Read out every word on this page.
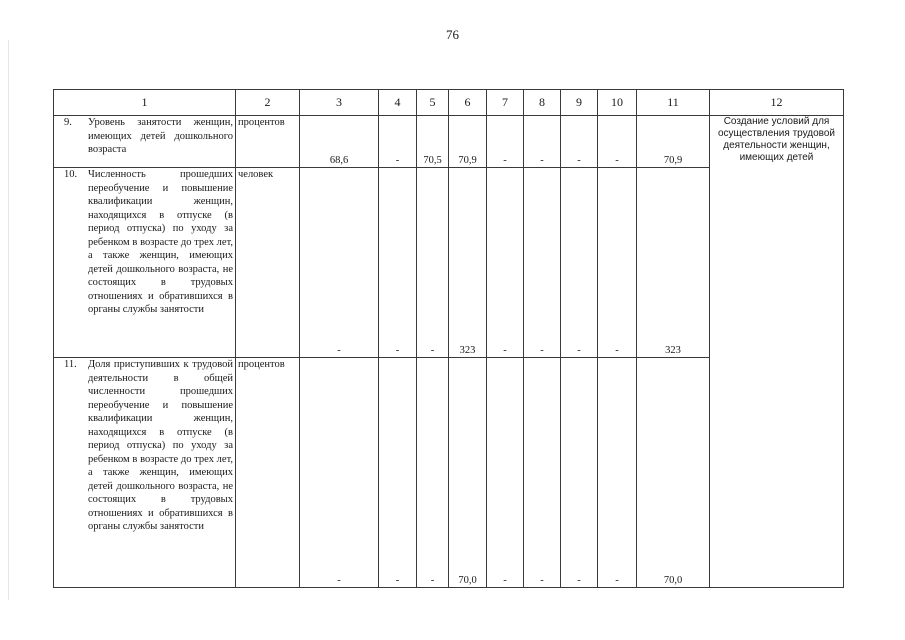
76
1	2	3	4	5	6	7	8	9	10	11	12

9. Уровень занятости женщин, имеющих детей дошкольного возраста	процентов	68,6	-	70,5	70,9	-	-	-	-	70,9	Создание условий для осуществления трудовой деятельности женщин, имеющих детей

10. Численность прошедших переобучение и повышение квалификации женщин, находящихся в отпуске (в период отпуска) по уходу за ребенком в возрасте до трех лет, а также женщин, имеющих детей дошкольного возраста, не состоящих в трудовых отношениях и обратившихся в органы службы занятости	человек	-	-	-	323	-	-	-	-	323	

11. Доля приступивших к трудовой деятельности в общей численности прошедших переобучение и повышение квалификации женщин, находящихся в отпуске (в период отпуска) по уходу за ребенком в возрасте до трех лет, а также женщин, имеющих детей дошкольного возраста, не состоящих в трудовых отношениях и обратившихся в органы службы занятости	процентов	-	-	-	70,0	-	-	-	-	70,0	
